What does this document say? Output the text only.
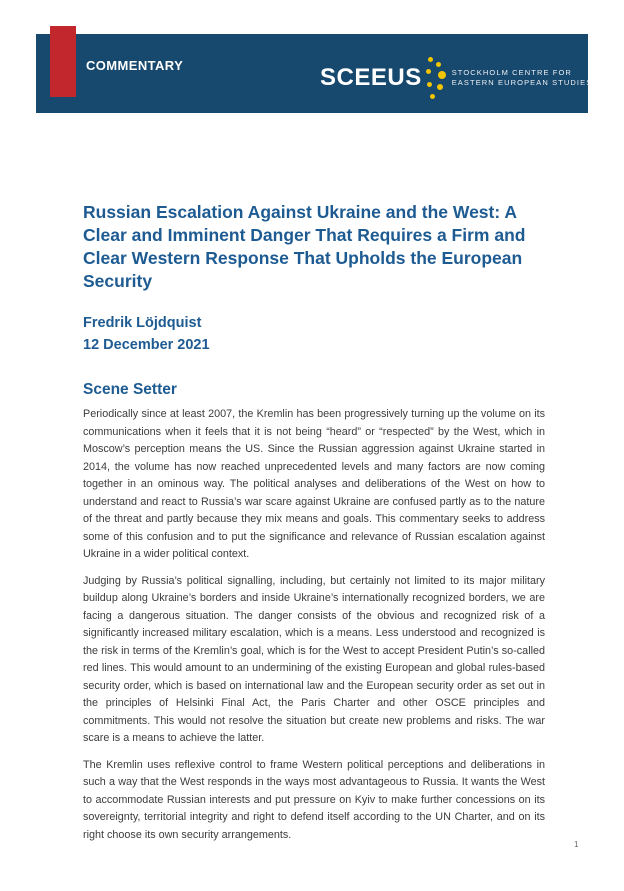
COMMENTARY	SCEEUS	STOCKHOLM CENTRE FOR
EASTERN EUROPEAN STUDIES
Russian Escalation Against Ukraine and the West: A Clear and Imminent Danger That Requires a Firm and Clear Western Response That Upholds the European Security
Fredrik Löjdquist
12 December 2021
Scene Setter

Periodically since at least 2007, the Kremlin has been progressively turning up the volume on its communications when it feels that it is not being “heard” or “respected” by the West, which in Moscow’s perception means the US. Since the Russian aggression against Ukraine started in 2014, the volume has now reached unprecedented levels and many factors are now coming together in an ominous way. The political analyses and deliberations of the West on how to understand and react to Russia’s war scare against Ukraine are confused partly as to the nature of the threat and partly because they mix means and goals. This commentary seeks to address some of this confusion and to put the significance and relevance of Russian escalation against Ukraine in a wider political context.

Judging by Russia’s political signalling, including, but certainly not limited to its major military buildup along Ukraine’s borders and inside Ukraine’s internationally recognized borders, we are facing a dangerous situation. The danger consists of the obvious and recognized risk of a significantly increased military escalation, which is a means. Less understood and recognized is the risk in terms of the Kremlin’s goal, which is for the West to accept President Putin’s so-called red lines. This would amount to an undermining of the existing European and global rules-based security order, which is based on international law and the European security order as set out in the principles of Helsinki Final Act, the Paris Charter and other OSCE principles and commitments. This would not resolve the situation but create new problems and risks. The war scare is a means to achieve the latter.

The Kremlin uses reflexive control to frame Western political perceptions and deliberations in such a way that the West responds in the ways most advantageous to Russia. It wants the West to accommodate Russian interests and put pressure on Kyiv to make further concessions on its sovereignty, territorial integrity and right to defend itself according to the UN Charter, and on its right choose its own security arrangements.

1
